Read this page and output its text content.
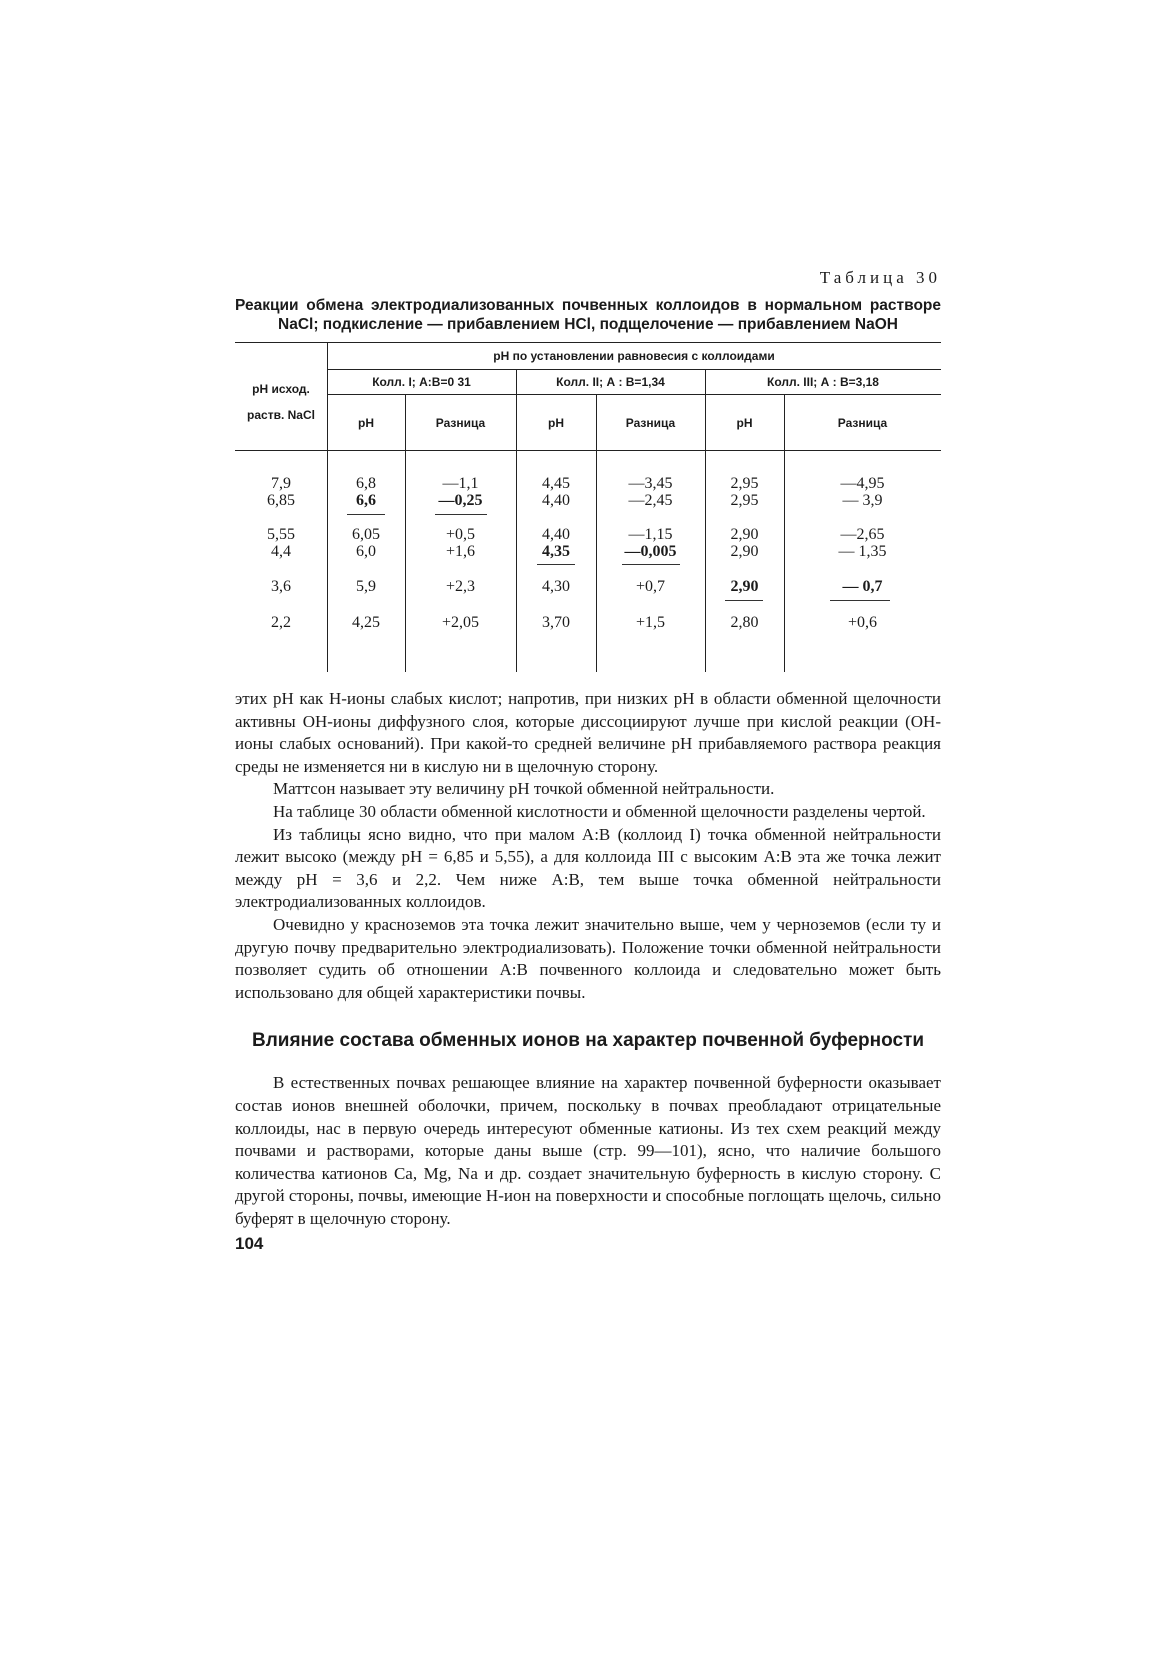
Таблица 30
Реакции обмена электродиализованных почвенных коллоидов в нормальном растворе NaCl; подкисление — прибавлением HCl, подщелочение — прибавлением NaOH
pH исход.
раств. NaCl
pH по установлении равновесия с коллоидами
Колл. I; А:В=0 31	Колл. II; А : В=1,34	Колл. III; А : В=3,18
pH	Разница	pH	Разница	pH	Разница
7,9	6,8	—1,1	4,45	—3,45	2,95	—4,95
6,85	6,6	—0,25	4,40	—2,45	2,95	— 3,9
5,55	6,05	+0,5	4,40	—1,15	2,90	—2,65
4,4	6,0	+1,6	4,35	—0,005	2,90	— 1,35
3,6	5,9	+2,3	4,30	+0,7	2,90	— 0,7
2,2	4,25	+2,05	3,70	+1,5	2,80	+0,6

этих pH как H-ионы слабых кислот; напротив, при низких pH в области обменной щелочности активны OH-ионы диффузного слоя, которые диссоциируют лучше при кислой реакции (OH-ионы слабых оснований). При какой-то средней величине pH прибавляемого раствора реакция среды не изменяется ни в кислую ни в щелочную сторону.

Маттсон называет эту величину pH точкой обменной нейтральности.

На таблице 30 области обменной кислотности и обменной щелочности разделены чертой.

Из таблицы ясно видно, что при малом А:В (коллоид I) точка обменной нейтральности лежит высоко (между pH = 6,85 и 5,55), а для коллоида III с высоким А:В эта же точка лежит между pH = 3,6 и 2,2. Чем ниже А:В, тем выше точка обменной нейтральности электродиализованных коллоидов.

Очевидно у красноземов эта точка лежит значительно выше, чем у черноземов (если ту и другую почву предварительно электродиализовать). Положение точки обменной нейтральности позволяет судить об отношении А:В почвенного коллоида и следовательно может быть использовано для общей характеристики почвы.

Влияние состава обменных ионов на характер почвенной буферности

В естественных почвах решающее влияние на характер почвенной буферности оказывает состав ионов внешней оболочки, причем, поскольку в почвах преобладают отрицательные коллоиды, нас в первую очередь интересуют обменные катионы. Из тех схем реакций между почвами и растворами, которые даны выше (стр. 99—101), ясно, что наличие большого количества катионов Ca, Mg, Na и др. создает значительную буферность в кислую сторону. С другой стороны, почвы, имеющие H-ион на поверхности и способные поглощать щелочь, сильно буферят в щелочную сторону.

104
